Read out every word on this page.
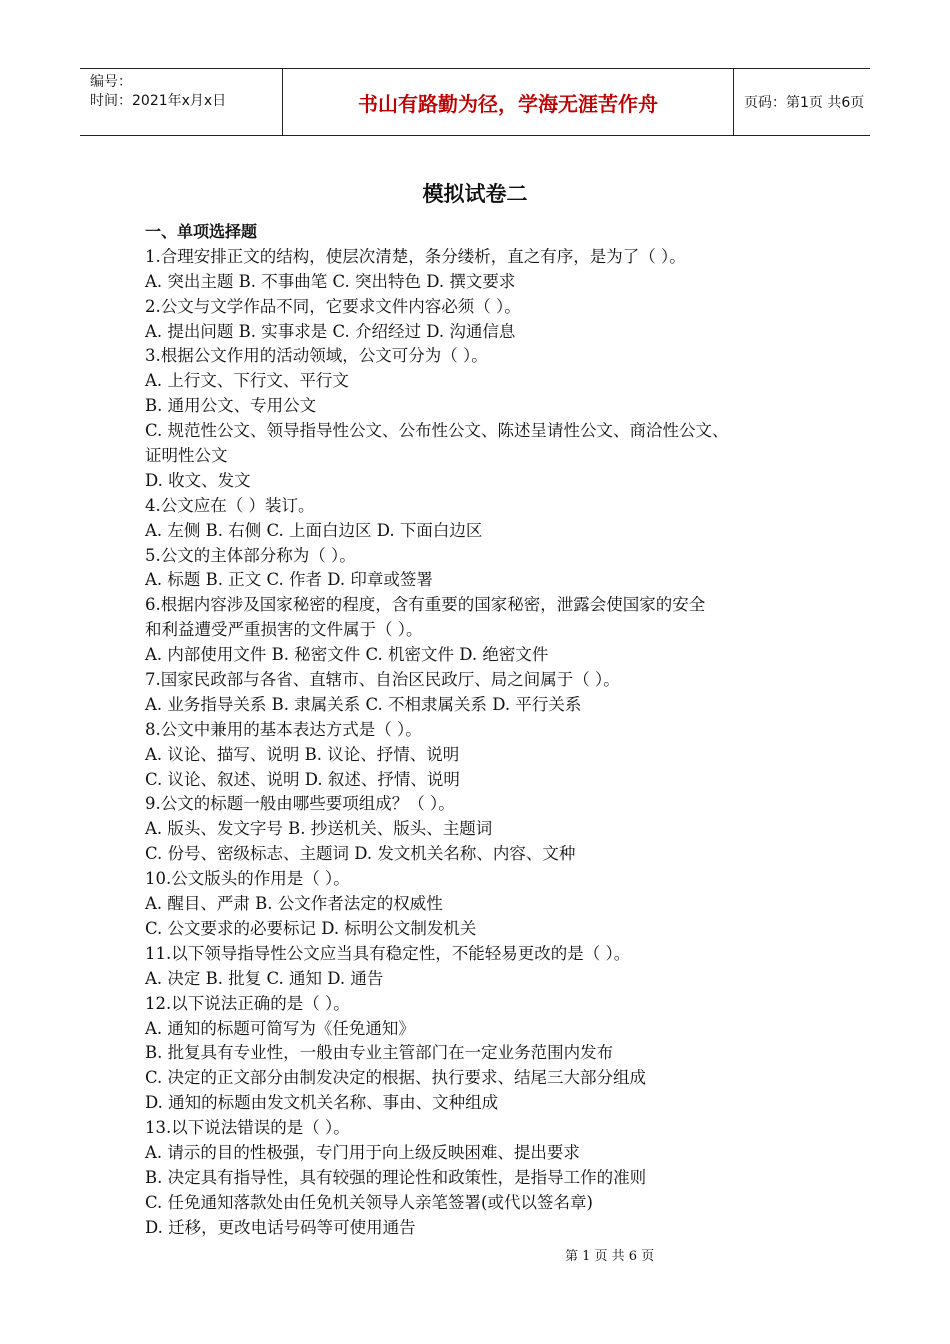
编号：
时间：2021年x月x日	书山有路勤为径，学海无涯苦作舟	页码：第1页 共6页
模拟试卷二
一、单项选择题
1.合理安排正文的结构，使层次清楚，条分缕析，直之有序，是为了（ ）。
A. 突出主题 B. 不事曲笔 C. 突出特色 D. 撰文要求
2.公文与文学作品不同，它要求文件内容必须（ ）。
A. 提出问题 B. 实事求是 C. 介绍经过 D. 沟通信息
3.根据公文作用的活动领域，公文可分为（ ）。
A. 上行文、下行文、平行文
B. 通用公文、专用公文
C. 规范性公文、领导指导性公文、公布性公文、陈述呈请性公文、商洽性公文、
证明性公文
D. 收文、发文
4.公文应在（ ）装订。
A. 左侧 B. 右侧 C. 上面白边区 D. 下面白边区
5.公文的主体部分称为（ ）。
A. 标题 B. 正文 C. 作者 D. 印章或签署
6.根据内容涉及国家秘密的程度，含有重要的国家秘密，泄露会使国家的安全
和利益遭受严重损害的文件属于（ ）。
A. 内部使用文件 B. 秘密文件 C. 机密文件 D. 绝密文件
7.国家民政部与各省、直辖市、自治区民政厅、局之间属于（ ）。
A. 业务指导关系 B. 隶属关系 C. 不相隶属关系 D. 平行关系
8.公文中兼用的基本表达方式是（ ）。
A. 议论、描写、说明 B. 议论、抒情、说明
C. 议论、叙述、说明 D. 叙述、抒情、说明
9.公文的标题一般由哪些要项组成？（ ）。
A. 版头、发文字号 B. 抄送机关、版头、主题词
C. 份号、密级标志、主题词 D. 发文机关名称、内容、文种
10.公文版头的作用是（ ）。
A. 醒目、严肃 B. 公文作者法定的权威性
C. 公文要求的必要标记 D. 标明公文制发机关
11.以下领导指导性公文应当具有稳定性，不能轻易更改的是（ ）。
A. 决定 B. 批复 C. 通知 D. 通告
12.以下说法正确的是（ ）。
A. 通知的标题可简写为《任免通知》
B. 批复具有专业性，一般由专业主管部门在一定业务范围内发布
C. 决定的正文部分由制发决定的根据、执行要求、结尾三大部分组成
D. 通知的标题由发文机关名称、事由、文种组成
13.以下说法错误的是（ ）。
A. 请示的目的性极强，专门用于向上级反映困难、提出要求
B. 决定具有指导性，具有较强的理论性和政策性，是指导工作的准则
C. 任免通知落款处由任免机关领导人亲笔签署(或代以签名章)
D. 迁移，更改电话号码等可使用通告
第 1 页 共 6 页
